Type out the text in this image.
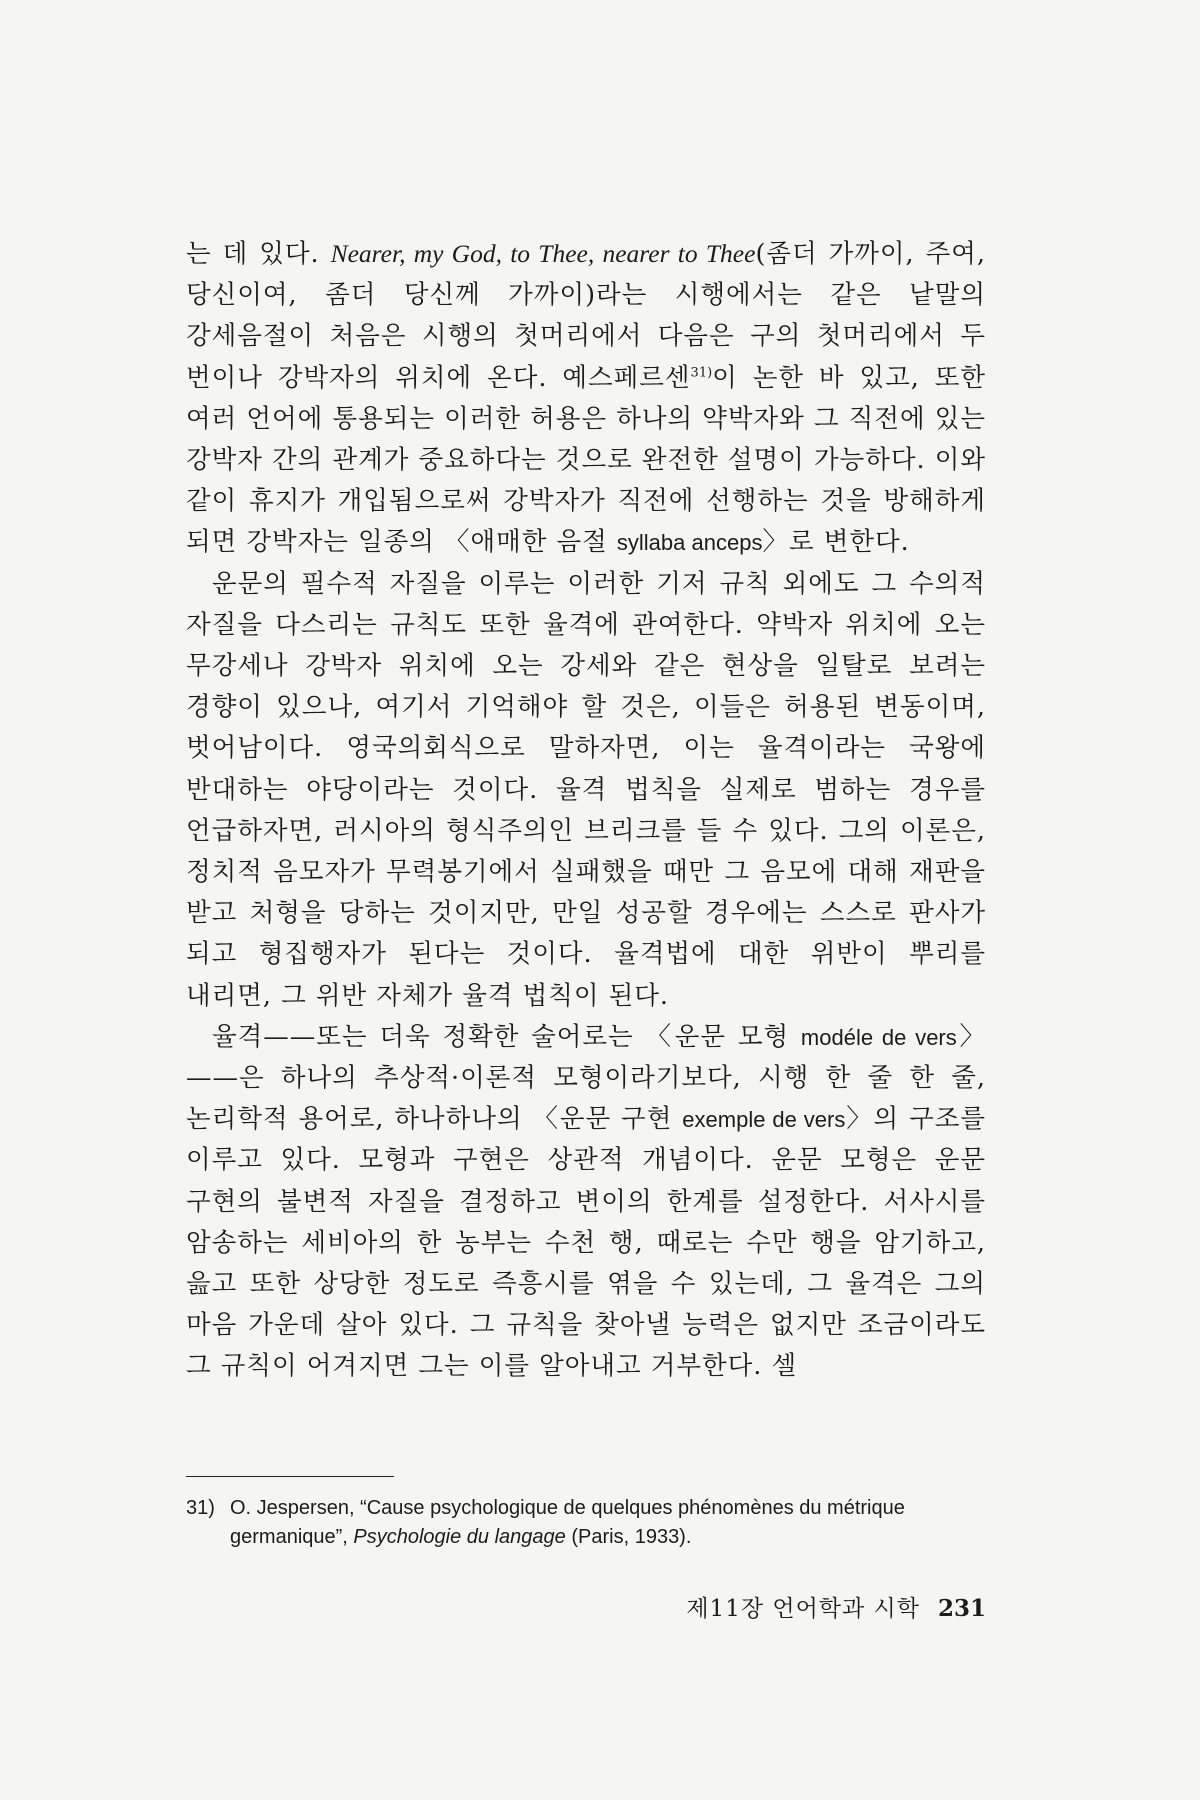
는 데 있다. Nearer, my God, to Thee, nearer to Thee(좀더 가까이, 주여, 당신이여, 좀더 당신께 가까이)라는 시행에서는 같은 낱말의 강세음절이 처음은 시행의 첫머리에서 다음은 구의 첫머리에서 두 번이나 강박자의 위치에 온다. 예스페르센$^{31)}$이 논한 바 있고, 또한 여러 언어에 통용되는 이러한 허용은 하나의 약박자와 그 직전에 있는 강박자 간의 관계가 중요하다는 것으로 완전한 설명이 가능하다. 이와 같이 휴지가 개입됨으로써 강박자가 직전에 선행하는 것을 방해하게 되면 강박자는 일종의 〈애매한 음절 syllaba anceps〉로 변한다.

운문의 필수적 자질을 이루는 이러한 기저 규칙 외에도 그 수의적 자질을 다스리는 규칙도 또한 율격에 관여한다. 약박자 위치에 오는 무강세나 강박자 위치에 오는 강세와 같은 현상을 일탈로 보려는 경향이 있으나, 여기서 기억해야 할 것은, 이들은 허용된 변동이며, 벗어남이다. 영국의회식으로 말하자면, 이는 율격이라는 국왕에 반대하는 야당이라는 것이다. 율격 법칙을 실제로 범하는 경우를 언급하자면, 러시아의 형식주의인 브리크를 들 수 있다. 그의 이론은, 정치적 음모자가 무력봉기에서 실패했을 때만 그 음모에 대해 재판을 받고 처형을 당하는 것이지만, 만일 성공할 경우에는 스스로 판사가 되고 형집행자가 된다는 것이다. 율격법에 대한 위반이 뿌리를 내리면, 그 위반 자체가 율격 법칙이 된다.

율격——또는 더욱 정확한 술어로는 〈운문 모형 modéle de vers〉——은 하나의 추상적·이론적 모형이라기보다, 시행 한 줄 한 줄, 논리학적 용어로, 하나하나의 〈운문 구현 exemple de vers〉의 구조를 이루고 있다. 모형과 구현은 상관적 개념이다. 운문 모형은 운문 구현의 불변적 자질을 결정하고 변이의 한계를 설정한다. 서사시를 암송하는 세비아의 한 농부는 수천 행, 때로는 수만 행을 암기하고, 읊고 또한 상당한 정도로 즉흥시를 엮을 수 있는데, 그 율격은 그의 마음 가운데 살아 있다. 그 규칙을 찾아낼 능력은 없지만 조금이라도 그 규칙이 어겨지면 그는 이를 알아내고 거부한다. 셀

31) O. Jespersen, “Cause psychologique de quelques phénomènes du métrique
germanique”, Psychologie du langage (Paris, 1933).
제11장 언어학과 시학 231
